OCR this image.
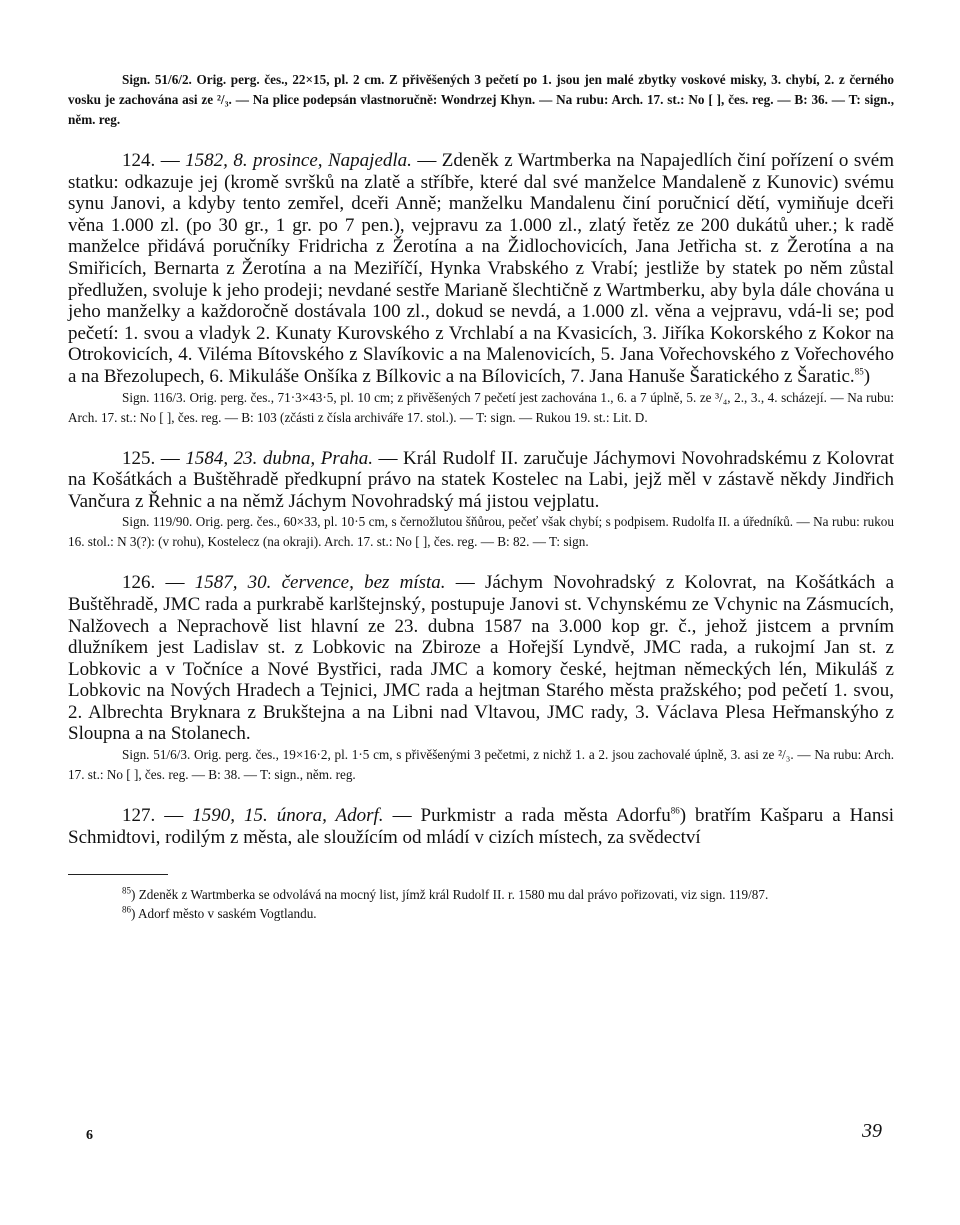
Sign. 51/6/2. Orig. perg. čes., 22×15, pl. 2 cm. Z přivěšených 3 pečetí po 1. jsou jen malé zbytky voskové misky, 3. chybí, 2. z černého vosku je zachována asi ze ²/₃. — Na plice podepsán vlastnoručně: Wondrzej Khyn. — Na rubu: Arch. 17. st.: No [ ], čes. reg. — B: 36. — T: sign., něm. reg.

124. — 1582, 8. prosince, Napajedla. — Zdeněk z Wartmberka na Napajedlích činí pořízení o svém statku: odkazuje jej (kromě svršků na zlatě a stříbře, které dal své manželce Mandaleně z Kunovic) svému synu Janovi, a kdyby tento zemřel, dceři Anně; manželku Mandalenu činí poručnicí dětí, vymiňuje dceři věna 1.000 zl. (po 30 gr., 1 gr. po 7 pen.), vejpravu za 1.000 zl., zlatý řetěz ze 200 dukátů uher.; k radě manželce přidává poručníky Fridricha z Žerotína a na Židlochovicích, Jana Jetřicha st. z Žerotína a na Smiřicích, Bernarta z Žerotína a na Meziříčí, Hynka Vrabského z Vrabí; jestliže by statek po něm zůstal předlužen, svoluje k jeho prodeji; nevdané sestře Marianě šlechtičně z Wartmberku, aby byla dále chována u jeho manželky a každoročně dostávala 100 zl., dokud se nevdá, a 1.000 zl. věna a vejpravu, vdá-li se; pod pečetí: 1. svou a vladyk 2. Kunaty Kurovského z Vrchlabí a na Kvasicích, 3. Jiříka Kokorského z Kokor na Otrokovicích, 4. Viléma Bítovského z Slavíkovic a na Malenovicích, 5. Jana Vořechovského z Vořechového a na Březolupech, 6. Mikuláše Onšíka z Bílkovic a na Bílovicích, 7. Jana Hanuše Šaratického z Šaratic.$^{85}$)

Sign. 116/3. Orig. perg. čes., 71·3×43·5, pl. 10 cm; z přivěšených 7 pečetí jest zachována 1., 6. a 7 úplně, 5. ze ³/₄, 2., 3., 4. scházejí. — Na rubu: Arch. 17. st.: No [ ], čes. reg. — B: 103 (zčásti z čísla archiváře 17. stol.). — T: sign. — Rukou 19. st.: Lit. D.

125. — 1584, 23. dubna, Praha. — Král Rudolf II. zaručuje Jáchymovi Novohradskému z Kolovrat na Košátkách a Buštěhradě předkupní právo na statek Kostelec na Labi, jejž měl v zástavě někdy Jindřich Vančura z Řehnic a na němž Jáchym Novohradský má jistou vejplatu.

Sign. 119/90. Orig. perg. čes., 60×33, pl. 10·5 cm, s černožlutou šňůrou, pečeť však chybí; s podpisem. Rudolfa II. a úředníků. — Na rubu: rukou 16. stol.: N 3(?): (v rohu), Kostelecz (na okraji). Arch. 17. st.: No [ ], čes. reg. — B: 82. — T: sign.

126. — 1587, 30. července, bez místa. — Jáchym Novohradský z Kolovrat, na Košátkách a Buštěhradě, JMC rada a purkrabě karlštejnský, postupuje Janovi st. Vchynskému ze Vchynic na Zásmucích, Nalžovech a Neprachově list hlavní ze 23. dubna 1587 na 3.000 kop gr. č., jehož jistcem a prvním dlužníkem jest Ladislav st. z Lobkovic na Zbiroze a Hořejší Lyndvě, JMC rada, a rukojmí Jan st. z Lobkovic a v Točníce a Nové Bystřici, rada JMC a komory české, hejtman německých lén, Mikuláš z Lobkovic na Nových Hradech a Tejnici, JMC rada a hejtman Starého města pražského; pod pečetí 1. svou, 2. Albrechta Bryknara z Brukštejna a na Libni nad Vltavou, JMC rady, 3. Václava Plesa Heřmanskýho z Sloupna a na Stolanech.

Sign. 51/6/3. Orig. perg. čes., 19×16·2, pl. 1·5 cm, s přivěšenými 3 pečetmi, z nichž 1. a 2. jsou zachovalé úplně, 3. asi ze ²/₃. — Na rubu: Arch. 17. st.: No [ ], čes. reg. — B: 38. — T: sign., něm. reg.

127. — 1590, 15. února, Adorf. — Purkmistr a rada města Adorfu$^{86}$) bratřím Kašparu a Hansi Schmidtovi, rodilým z města, ale sloužícím od mládí v cizích místech, za svědectví

$^{85}$) Zdeněk z Wartmberka se odvolává na mocný list, jímž král Rudolf II. r. 1580 mu dal právo pořizovati, viz sign. 119/87.

$^{86}$) Adorf město v saském Vogtlandu.

6	39
